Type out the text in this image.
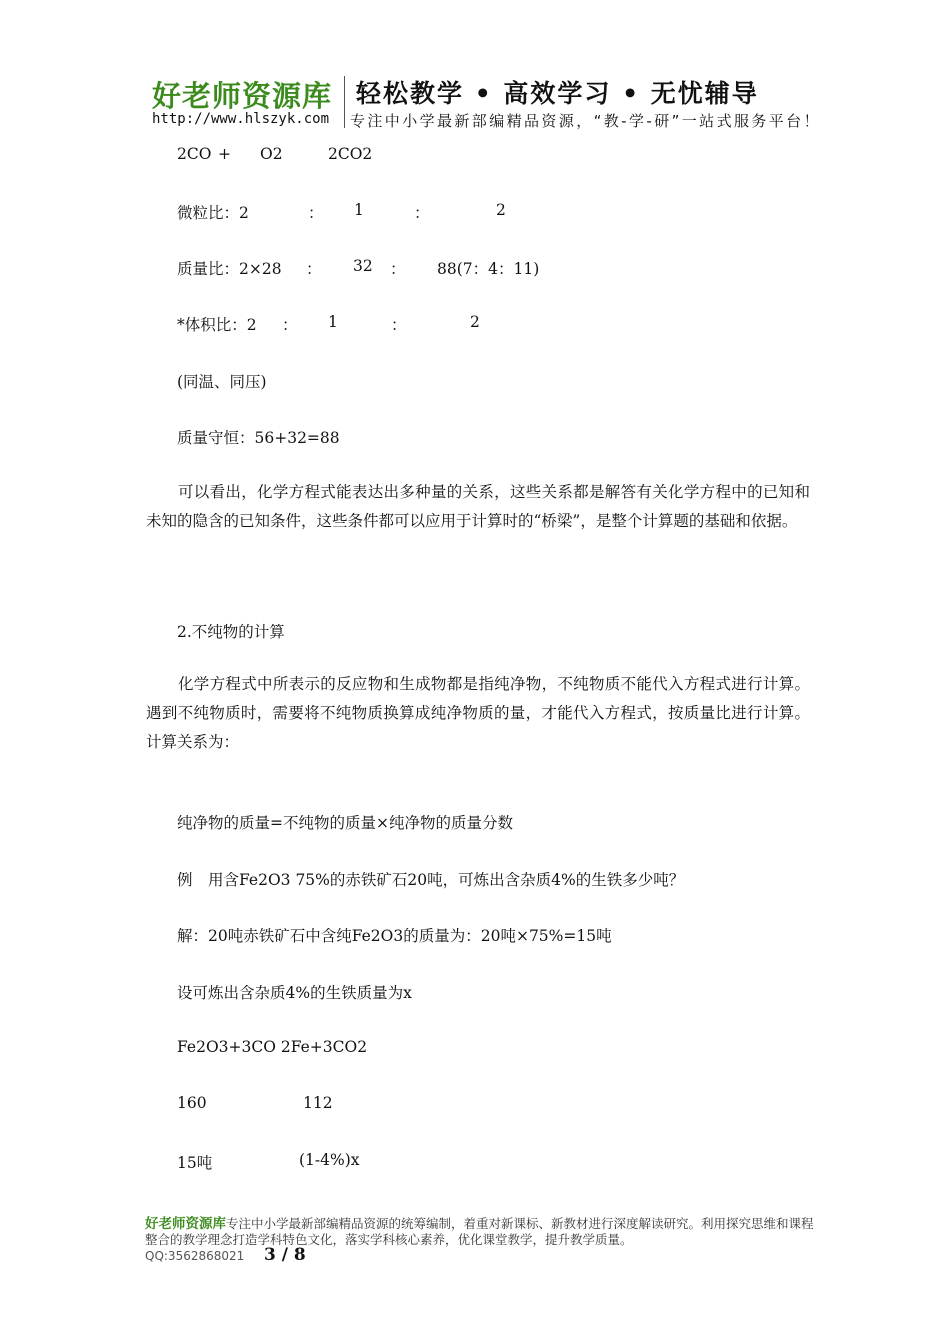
好老师资源库 轻松教学 • 高效学习 • 无忧辅导
http://www.hlszyk.com 专注中小学最新部编精品资源，“教-学-研”一站式服务平台！
2CO + O2	2CO2
微粒比：2	： 1	：	2
质量比：2×28 ： 32 ： 88(7：4：11)
*体积比：2 ： 1	：	2
(同温、同压)
质量守恒：56+32=88
可以看出，化学方程式能表达出多种量的关系，这些关系都是解答有关化学方程中的已知和未知的隐含的已知条件，这些条件都可以应用于计算时的“桥梁”，是整个计算题的基础和依据。
2.不纯物的计算
化学方程式中所表示的反应物和生成物都是指纯净物，不纯物质不能代入方程式进行计算。遇到不纯物质时，需要将不纯物质换算成纯净物质的量，才能代入方程式，按质量比进行计算。计算关系为：
纯净物的质量=不纯物的质量×纯净物的质量分数
例　用含Fe2O3 75%的赤铁矿石20吨，可炼出含杂质4%的生铁多少吨？
解：20吨赤铁矿石中含纯Fe2O3的质量为：20吨×75%=15吨
设可炼出含杂质4%的生铁质量为x
Fe2O3+3CO 2Fe+3CO2
160	112
15吨	(1-4%)x
好老师资源库专注中小学最新部编精品资源的统筹编制，着重对新课标、新教材进行深度解读研究。利用探究思维和课程整合的教学理念打造学科特色文化，落实学科核心素养，优化课堂教学，提升教学质量。
QQ:3562868021 3 / 8
